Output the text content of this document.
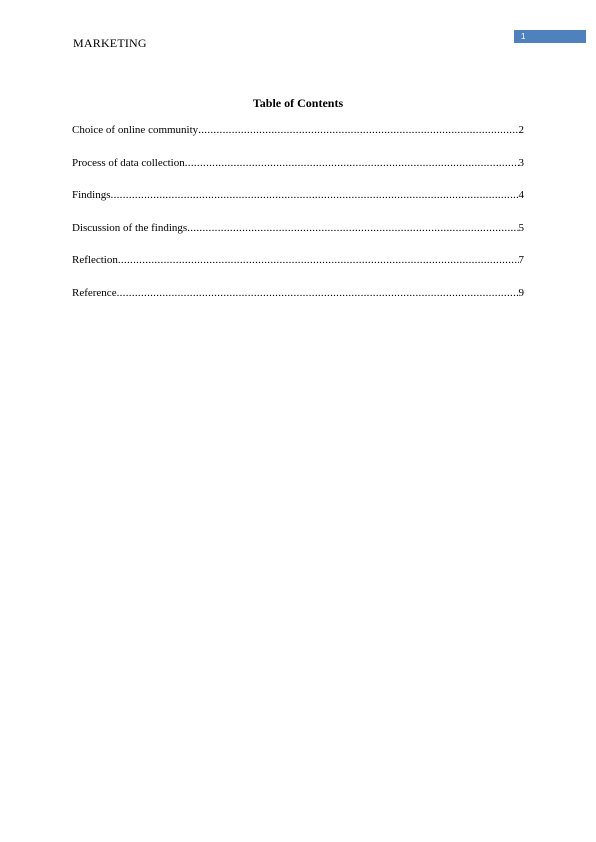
MARKETING	1
Table of Contents
Choice of online community .....	2
Process of data collection .....	3
Findings .....	4
Discussion of the findings .....	5
Reflection .....	7
Reference .....	9
